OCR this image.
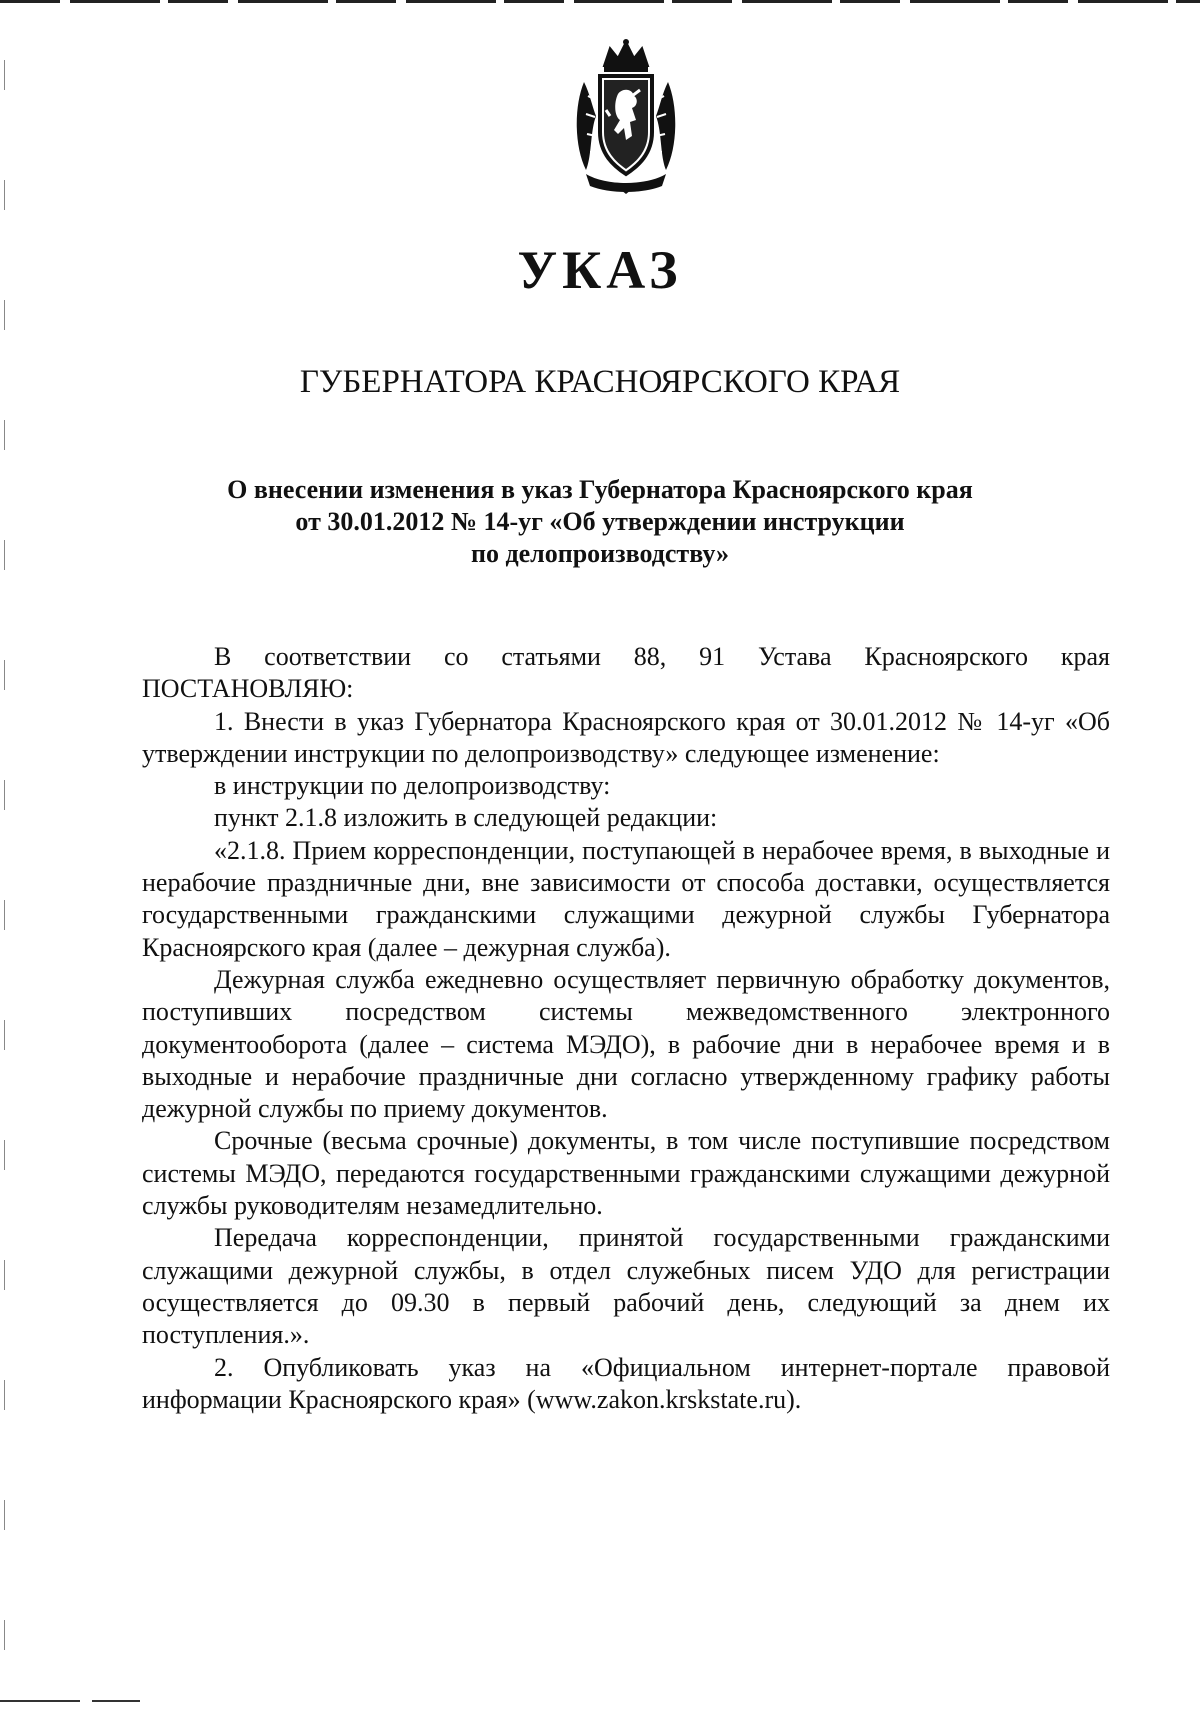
УКАЗ
ГУБЕРНАТОРА КРАСНОЯРСКОГО КРАЯ
О внесении изменения в указ Губернатора Красноярского края
от 30.01.2012 № 14-уг «Об утверждении инструкции
по делопроизводству»

В соответствии со статьями 88, 91 Устава Красноярского края ПОСТАНОВЛЯЮ:

1. Внести в указ Губернатора Красноярского края от 30.01.2012 № 14-уг «Об утверждении инструкции по делопроизводству» следующее изменение:

в инструкции по делопроизводству:

пункт 2.1.8 изложить в следующей редакции:

«2.1.8. Прием корреспонденции, поступающей в нерабочее время, в выходные и нерабочие праздничные дни, вне зависимости от способа доставки, осуществляется государственными гражданскими служащими дежурной службы Губернатора Красноярского края (далее – дежурная служба).

Дежурная служба ежедневно осуществляет первичную обработку документов, поступивших посредством системы межведомственного электронного документооборота (далее – система МЭДО), в рабочие дни в нерабочее время и в выходные и нерабочие праздничные дни согласно утвержденному графику работы дежурной службы по приему документов.

Срочные (весьма срочные) документы, в том числе поступившие посредством системы МЭДО, передаются государственными гражданскими служащими дежурной службы руководителям незамедлительно.

Передача корреспонденции, принятой государственными гражданскими служащими дежурной службы, в отдел служебных писем УДО для регистрации осуществляется до 09.30 в первый рабочий день, следующий за днем их поступления.».

2. Опубликовать указ на «Официальном интернет-портале правовой информации Красноярского края» (www.zakon.krskstate.ru).
